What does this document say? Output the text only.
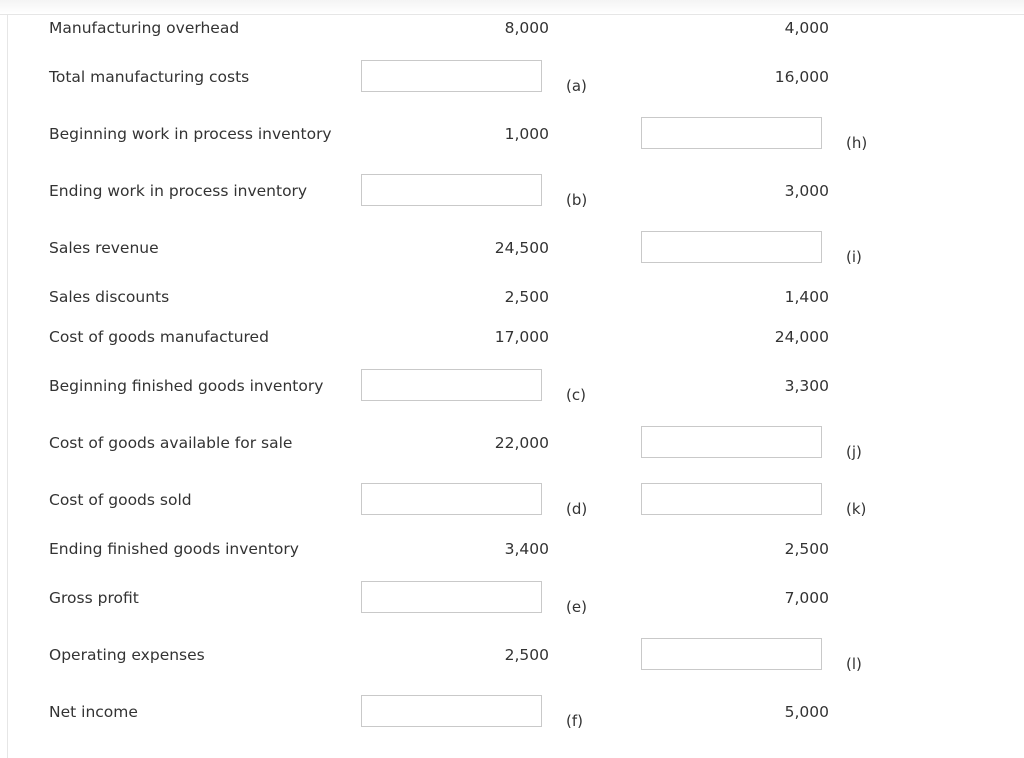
Manufacturing overhead	8,000	4,000
Total manufacturing costs	(a)	16,000
Beginning work in process inventory	1,000	(h)
Ending work in process inventory	(b)	3,000
Sales revenue	24,500	(i)
Sales discounts	2,500	1,400
Cost of goods manufactured	17,000	24,000
Beginning finished goods inventory	(c)	3,300
Cost of goods available for sale	22,000	(j)
Cost of goods sold	(d)	(k)
Ending finished goods inventory	3,400	2,500
Gross profit	(e)	7,000
Operating expenses	2,500	(l)
Net income	(f)	5,000
